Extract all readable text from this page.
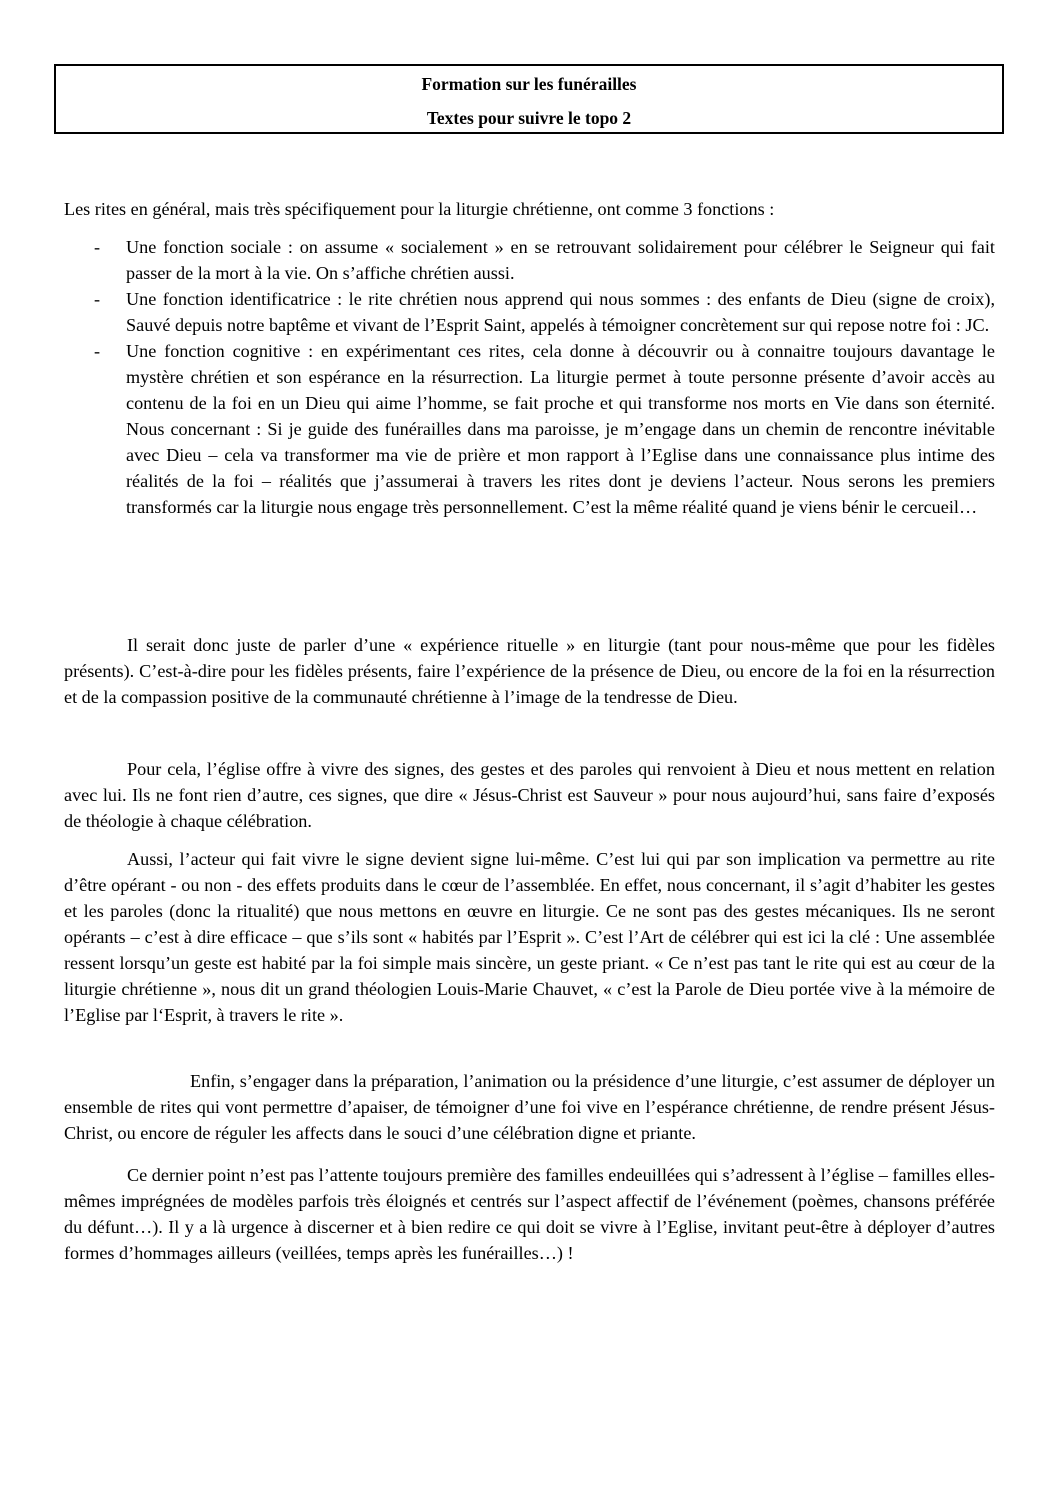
Formation sur les funérailles
Textes pour suivre le topo 2
Les rites en général, mais très spécifiquement pour la liturgie chrétienne, ont comme 3 fonctions :
- Une fonction sociale : on assume « socialement » en se retrouvant solidairement pour célébrer le Seigneur qui fait passer de la mort à la vie. On s’affiche chrétien aussi.
- Une fonction identificatrice : le rite chrétien nous apprend qui nous sommes : des enfants de Dieu (signe de croix), Sauvé depuis notre baptême et vivant de l’Esprit Saint, appelés à témoigner concrètement sur qui repose notre foi : JC.
- Une fonction cognitive : en expérimentant ces rites, cela donne à découvrir ou à connaitre toujours davantage le mystère chrétien et son espérance en la résurrection. La liturgie permet à toute personne présente d’avoir accès au contenu de la foi en un Dieu qui aime l’homme, se fait proche et qui transforme nos morts en Vie dans son éternité. Nous concernant : Si je guide des funérailles dans ma paroisse, je m’engage dans un chemin de rencontre inévitable avec Dieu – cela va transformer ma vie de prière et mon rapport à l’Eglise dans une connaissance plus intime des réalités de la foi – réalités que j’assumerai à travers les rites dont je deviens l’acteur. Nous serons les premiers transformés car la liturgie nous engage très personnellement. C’est la même réalité quand je viens bénir le cercueil…
Il serait donc juste de parler d’une « expérience rituelle » en liturgie (tant pour nous-même que pour les fidèles présents). C’est-à-dire pour les fidèles présents, faire l’expérience de la présence de Dieu, ou encore de la foi en la résurrection et de la compassion positive de la communauté chrétienne à l’image de la tendresse de Dieu.
Pour cela, l’église offre à vivre des signes, des gestes et des paroles qui renvoient à Dieu et nous mettent en relation avec lui. Ils ne font rien d’autre, ces signes, que dire « Jésus-Christ est Sauveur » pour nous aujourd’hui, sans faire d’exposés de théologie à chaque célébration.
Aussi, l’acteur qui fait vivre le signe devient signe lui-même. C’est lui qui par son implication va permettre au rite d’être opérant - ou non - des effets produits dans le cœur de l’assemblée. En effet, nous concernant, il s’agit d’habiter les gestes et les paroles (donc la ritualité) que nous mettons en œuvre en liturgie. Ce ne sont pas des gestes mécaniques. Ils ne seront opérants – c’est à dire efficace – que s’ils sont « habités par l’Esprit ». C’est l’Art de célébrer qui est ici la clé : Une assemblée ressent lorsqu’un geste est habité par la foi simple mais sincère, un geste priant. « Ce n’est pas tant le rite qui est au cœur de la liturgie chrétienne », nous dit un grand théologien Louis-Marie Chauvet, « c’est la Parole de Dieu portée vive à la mémoire de l’Eglise par l‘Esprit, à travers le rite ».
Enfin, s’engager dans la préparation, l’animation ou la présidence d’une liturgie, c’est assumer de déployer un ensemble de rites qui vont permettre d’apaiser, de témoigner d’une foi vive en l’espérance chrétienne, de rendre présent Jésus-Christ, ou encore de réguler les affects dans le souci d’une célébration digne et priante.
Ce dernier point n’est pas l’attente toujours première des familles endeuillées qui s’adressent à l’église – familles elles-mêmes imprégnées de modèles parfois très éloignés et centrés sur l’aspect affectif de l’événement (poèmes, chansons préférée du défunt…). Il y a là urgence à discerner et à bien redire ce qui doit se vivre à l’Eglise, invitant peut-être à déployer d’autres formes d’hommages ailleurs (veillées, temps après les funérailles…) !
